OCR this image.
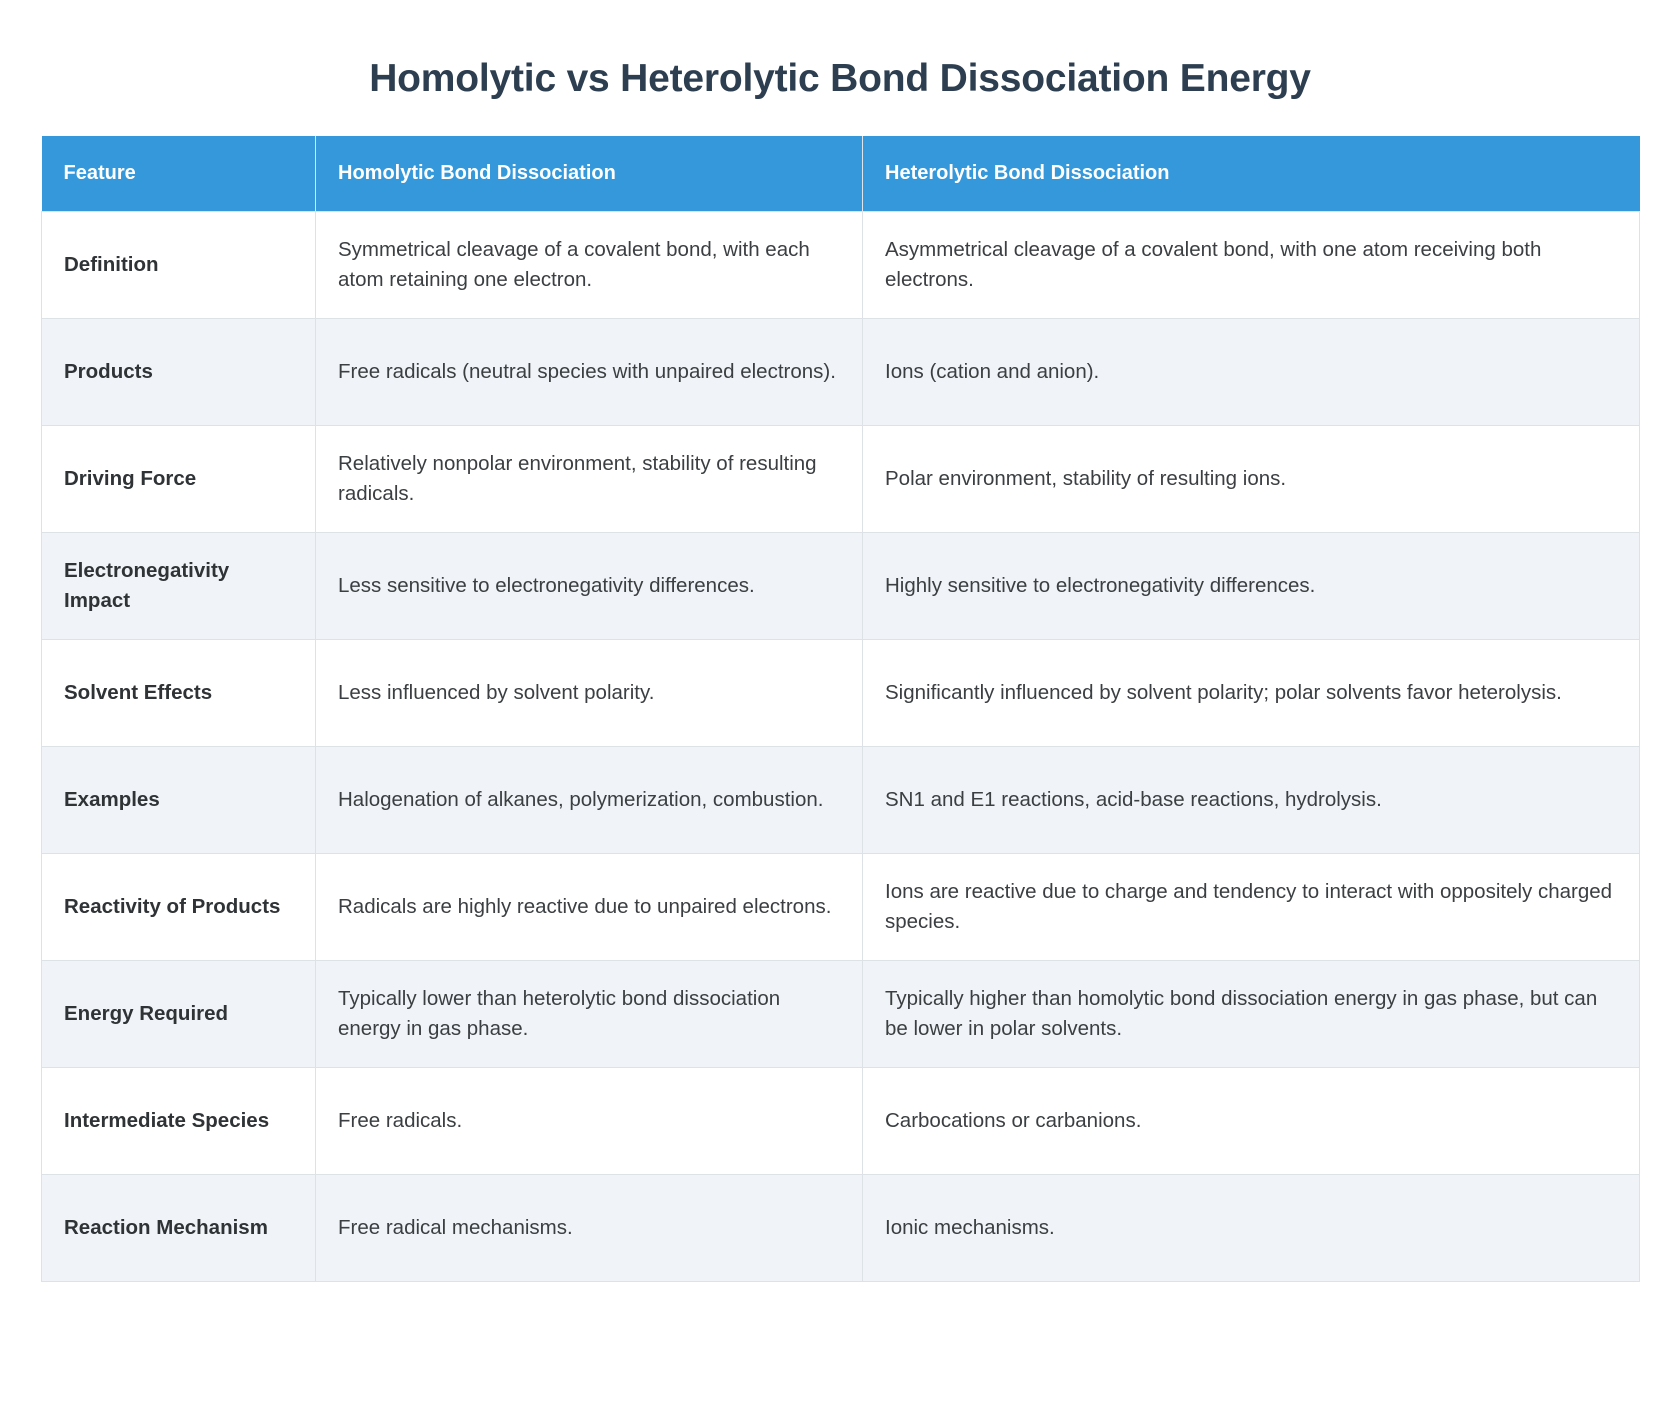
Homolytic vs Heterolytic Bond Dissociation Energy
Feature	Homolytic Bond Dissociation	Heterolytic Bond Dissociation
Definition	Symmetrical cleavage of a covalent bond, with each atom retaining one electron.	Asymmetrical cleavage of a covalent bond, with one atom receiving both electrons.
Products	Free radicals (neutral species with unpaired electrons).	Ions (cation and anion).
Driving Force	Relatively nonpolar environment, stability of resulting radicals.	Polar environment, stability of resulting ions.
Electronegativity Impact	Less sensitive to electronegativity differences.	Highly sensitive to electronegativity differences.
Solvent Effects	Less influenced by solvent polarity.	Significantly influenced by solvent polarity; polar solvents favor heterolysis.
Examples	Halogenation of alkanes, polymerization, combustion.	SN1 and E1 reactions, acid-base reactions, hydrolysis.
Reactivity of Products	Radicals are highly reactive due to unpaired electrons.	Ions are reactive due to charge and tendency to interact with oppositely charged species.
Energy Required	Typically lower than heterolytic bond dissociation energy in gas phase.	Typically higher than homolytic bond dissociation energy in gas phase, but can be lower in polar solvents.
Intermediate Species	Free radicals.	Carbocations or carbanions.
Reaction Mechanism	Free radical mechanisms.	Ionic mechanisms.
